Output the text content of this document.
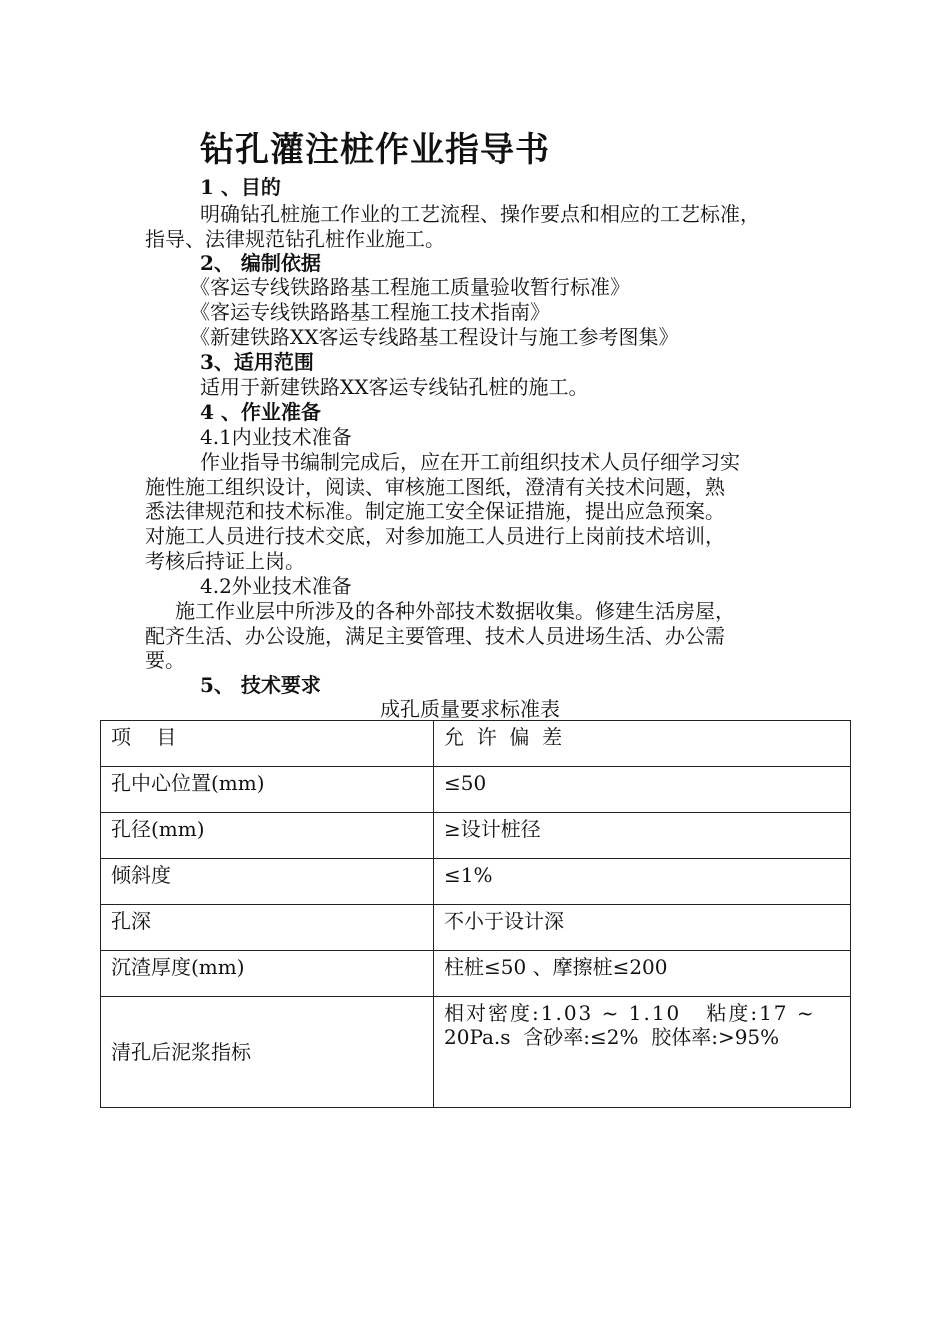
钻孔灌注桩作业指导书
1 、目的
明确钻孔桩施工作业的工艺流程、操作要点和相应的工艺标准，
指导、法律规范钻孔桩作业施工。
2、 编制依据
《客运专线铁路路基工程施工质量验收暂行标准》
《客运专线铁路路基工程施工技术指南》
《新建铁路XX客运专线路基工程设计与施工参考图集》
3、适用范围
适用于新建铁路XX客运专线钻孔桩的施工。
4 、作业准备
4.1内业技术准备
作业指导书编制完成后，应在开工前组织技术人员仔细学习实
施性施工组织设计，阅读、审核施工图纸，澄清有关技术问题，熟
悉法律规范和技术标准。制定施工安全保证措施，提出应急预案。
对施工人员进行技术交底，对参加施工人员进行上岗前技术培训，
考核后持证上岗。
4.2外业技术准备
施工作业层中所涉及的各种外部技术数据收集。修建生活房屋，
配齐生活、办公设施，满足主要管理、技术人员进场生活、办公需
要。
5、 技术要求
成孔质量要求标准表
项    目	允  许  偏  差
孔中心位置(mm)	≤50
孔径(mm)	≥设计桩径
倾斜度	≤1%
孔深	不小于设计深
沉渣厚度(mm)	柱桩≤50 、摩擦桩≤200
清孔后泥浆指标	相对密度:1.03 ~ 1.10   粘度:17 ~
20Pa.s  含砂率:≤2%  胶体率:>95%
